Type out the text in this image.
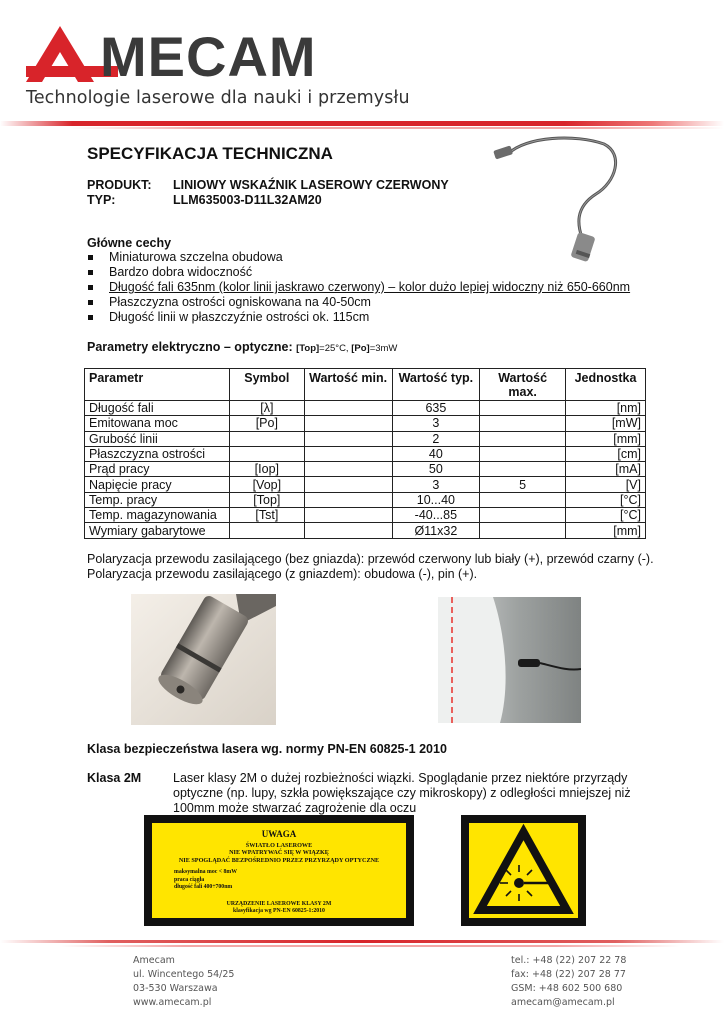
MECAM
Technologie laserowe dla nauki i przemysłu
SPECYFIKACJA TECHNICZNA
PRODUKT: LINIOWY WSKAŹNIK LASEROWY CZERWONY
TYP:	LLM635003-D11L32AM20
Główne cechy
Miniaturowa szczelna obudowa
Bardzo dobra widoczność
Długość fali 635nm (kolor linii jaskrawo czerwony) – kolor dużo lepiej widoczny niż 650-660nm
Płaszczyzna ostrości ogniskowana na 40-50cm
Długość linii w płaszczyźnie ostrości ok. 115cm
Parametry elektryczno – optyczne: [Top]=25°C, [Po]=3mW
Parametr	Symbol	Wartość min.	Wartość typ.	Wartość max.	Jednostka
Długość fali	[λ]		635		[nm]
Emitowana moc	[Po]		3		[mW]
Grubość linii			2		[mm]
Płaszczyzna ostrości			40		[cm]
Prąd pracy	[Iop]		50		[mA]
Napięcie pracy	[Vop]		3	5	[V]
Temp. pracy	[Top]		10...40		[°C]
Temp. magazynowania	[Tst]		-40...85		[°C]
Wymiary gabarytowe			Ø11x32		[mm]
Polaryzacja przewodu zasilającego (bez gniazda): przewód czerwony lub biały (+), przewód czarny (-).
Polaryzacja przewodu zasilającego (z gniazdem): obudowa (-), pin (+).
Klasa bezpieczeństwa lasera wg. normy PN-EN 60825-1 2010
Klasa 2M	Laser klasy 2M o dużej rozbieżności wiązki. Spoglądanie przez niektóre przyrządy optyczne (np. lupy, szkła powiększające czy mikroskopy) z odległości mniejszej niż 100mm może stwarzać zagrożenie dla oczu
UWAGA
ŚWIATŁO LASEROWE
NIE WPATRYWAĆ SIĘ W WIĄZKĘ
NIE SPOGLĄDAĆ BEZPOŚREDNIO PRZEZ PRZYRZĄDY OPTYCZNE
maksymalna moc < 8mW
praca ciągła
długość fali 400÷700nm
URZĄDZENIE LASEROWE KLASY 2M
klasyfikacja wg PN-EN 60825-1:2010
Amecam
ul. Wincentego 54/25
03-530 Warszawa
www.amecam.pl
tel.: +48 (22) 207 22 78
fax: +48 (22) 207 28 77
GSM: +48 602 500 680
amecam@amecam.pl
